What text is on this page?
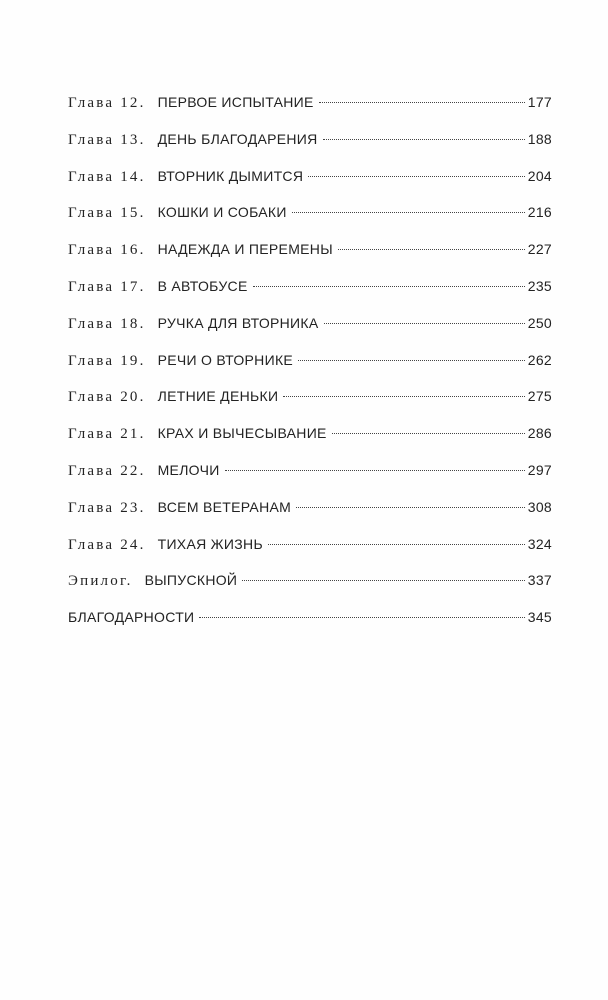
Глава 12. ПЕРВОЕ ИСПЫТАНИЕ	177
Глава 13. ДЕНЬ БЛАГОДАРЕНИЯ	188
Глава 14. ВТОРНИК ДЫМИТСЯ	204
Глава 15. КОШКИ И СОБАКИ	216
Глава 16. НАДЕЖДА И ПЕРЕМЕНЫ	227
Глава 17. В АВТОБУСЕ	235
Глава 18. РУЧКА ДЛЯ ВТОРНИКА	250
Глава 19. РЕЧИ О ВТОРНИКЕ	262
Глава 20. ЛЕТНИЕ ДЕНЬКИ	275
Глава 21. КРАХ И ВЫЧЕСЫВАНИЕ	286
Глава 22. МЕЛОЧИ	297
Глава 23. ВСЕМ ВЕТЕРАНАМ	308
Глава 24. ТИХАЯ ЖИЗНЬ	324
Эпилог. ВЫПУСКНОЙ	337
БЛАГОДАРНОСТИ	345
